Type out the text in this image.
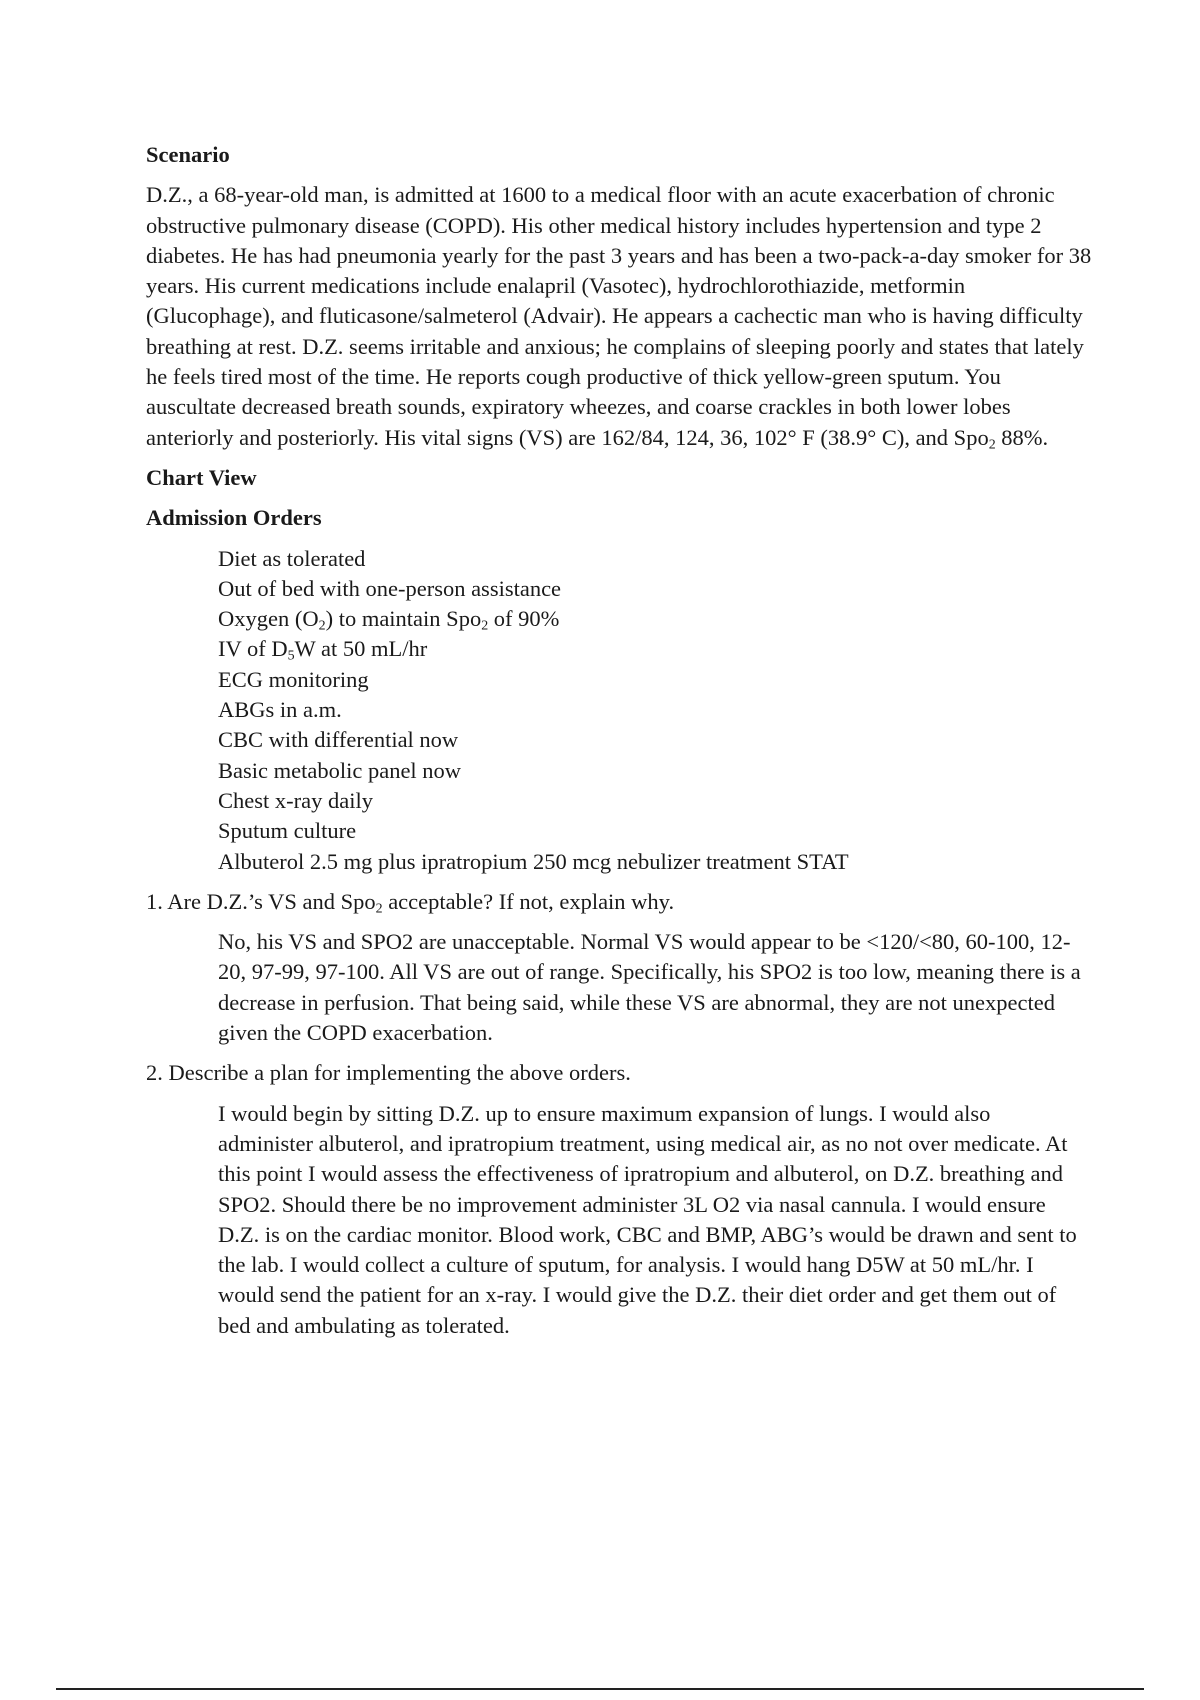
Scenario
D.Z., a 68-year-old man, is admitted at 1600 to a medical floor with an acute exacerbation of chronic obstructive pulmonary disease (COPD). His other medical history includes hypertension and type 2 diabetes. He has had pneumonia yearly for the past 3 years and has been a two-pack-a-day smoker for 38 years. His current medications include enalapril (Vasotec), hydrochlorothiazide, metformin (Glucophage), and fluticasone/salmeterol (Advair). He appears a cachectic man who is having difficulty breathing at rest. D.Z. seems irritable and anxious; he complains of sleeping poorly and states that lately he feels tired most of the time. He reports cough productive of thick yellow-green sputum. You auscultate decreased breath sounds, expiratory wheezes, and coarse crackles in both lower lobes anteriorly and posteriorly. His vital signs (VS) are 162/84, 124, 36, 102° F (38.9° C), and Spo$_2$ 88%.
Chart View
Admission Orders
Diet as tolerated
Out of bed with one-person assistance
Oxygen $(O_2)$ to maintain Spo$_2$ of 90%
IV of $D_5W$ at 50 mL/hr
ECG monitoring
ABGs in a.m.
CBC with differential now
Basic metabolic panel now
Chest x-ray daily
Sputum culture
Albuterol 2.5 mg plus ipratropium 250 mcg nebulizer treatment STAT
1. Are D.Z.’s VS and Spo$_2$ acceptable? If not, explain why.
No, his VS and SPO2 are unacceptable. Normal VS would appear to be <120/<80, 60-100, 12-20, 97-99, 97-100. All VS are out of range. Specifically, his SPO2 is too low, meaning there is a decrease in perfusion. That being said, while these VS are abnormal, they are not unexpected given the COPD exacerbation.
2. Describe a plan for implementing the above orders.
I would begin by sitting D.Z. up to ensure maximum expansion of lungs. I would also administer albuterol, and ipratropium treatment, using medical air, as no not over medicate. At this point I would assess the effectiveness of ipratropium and albuterol, on D.Z. breathing and SPO2. Should there be no improvement administer 3L O2 via nasal cannula. I would ensure D.Z. is on the cardiac monitor. Blood work, CBC and BMP, ABG’s would be drawn and sent to the lab. I would collect a culture of sputum, for analysis. I would hang D5W at 50 mL/hr. I would send the patient for an x-ray. I would give the D.Z. their diet order and get them out of bed and ambulating as tolerated.
